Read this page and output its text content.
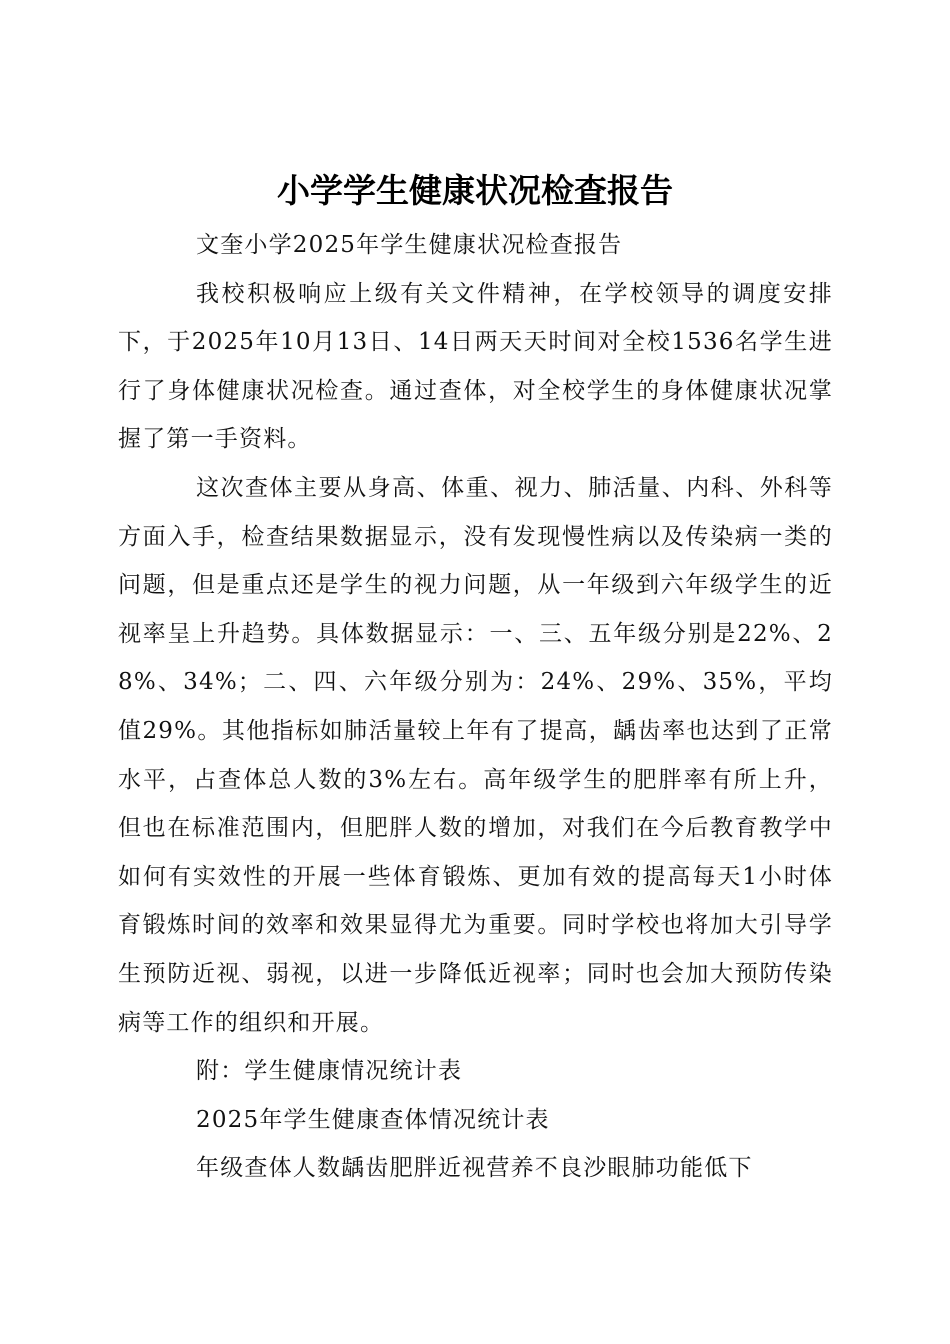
小学学生健康状况检查报告

文奎小学2025年学生健康状况检查报告

我校积极响应上级有关文件精神，在学校领导的调度安排下，于2025年10月13日、14日两天天时间对全校1536名学生进行了身体健康状况检查。通过查体，对全校学生的身体健康状况掌握了第一手资料。

这次查体主要从身高、体重、视力、肺活量、内科、外科等方面入手，检查结果数据显示，没有发现慢性病以及传染病一类的问题，但是重点还是学生的视力问题，从一年级到六年级学生的近视率呈上升趋势。具体数据显示：一、三、五年级分别是22%、28%、34%；二、四、六年级分别为：24%、29%、35%，平均值29%。其他指标如肺活量较上年有了提高，龋齿率也达到了正常水平，占查体总人数的3%左右。高年级学生的肥胖率有所上升，但也在标准范围内，但肥胖人数的增加，对我们在今后教育教学中如何有实效性的开展一些体育锻炼、更加有效的提高每天1小时体育锻炼时间的效率和效果显得尤为重要。同时学校也将加大引导学生预防近视、弱视，以进一步降低近视率；同时也会加大预防传染病等工作的组织和开展。

附：学生健康情况统计表

2025年学生健康查体情况统计表

年级查体人数龋齿肥胖近视营养不良沙眼肺功能低下
